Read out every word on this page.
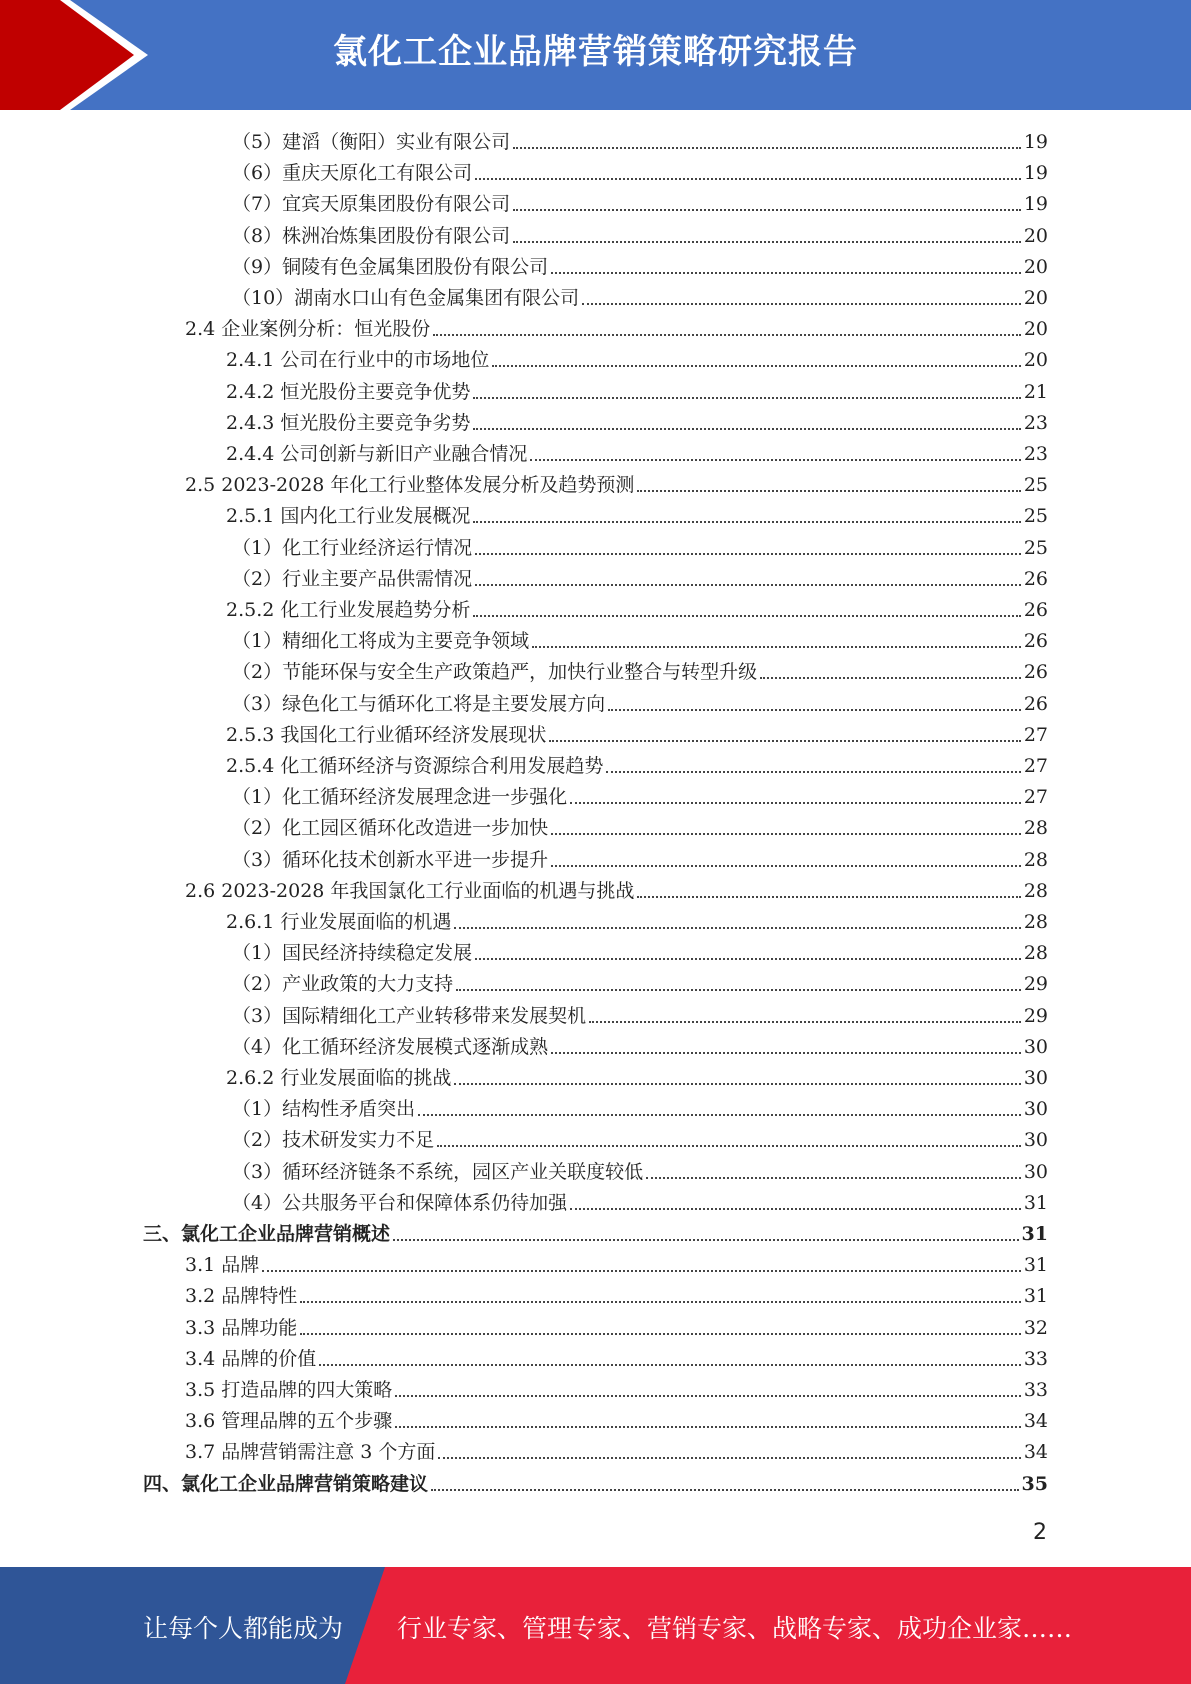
氯化工企业品牌营销策略研究报告
（5）建滔（衡阳）实业有限公司	19
（6）重庆天原化工有限公司	19
（7）宜宾天原集团股份有限公司	19
（8）株洲冶炼集团股份有限公司	20
（9）铜陵有色金属集团股份有限公司	20
（10）湖南水口山有色金属集团有限公司	20
2.4 企业案例分析：恒光股份	20
2.4.1 公司在行业中的市场地位	20
2.4.2 恒光股份主要竞争优势	21
2.4.3 恒光股份主要竞争劣势	23
2.4.4 公司创新与新旧产业融合情况	23
2.5 2023-2028 年化工行业整体发展分析及趋势预测	25
2.5.1 国内化工行业发展概况	25
（1）化工行业经济运行情况	25
（2）行业主要产品供需情况	26
2.5.2 化工行业发展趋势分析	26
（1）精细化工将成为主要竞争领域	26
（2）节能环保与安全生产政策趋严，加快行业整合与转型升级	26
（3）绿色化工与循环化工将是主要发展方向	26
2.5.3 我国化工行业循环经济发展现状	27
2.5.4 化工循环经济与资源综合利用发展趋势	27
（1）化工循环经济发展理念进一步强化	27
（2）化工园区循环化改造进一步加快	28
（3）循环化技术创新水平进一步提升	28
2.6 2023-2028 年我国氯化工行业面临的机遇与挑战	28
2.6.1 行业发展面临的机遇	28
（1）国民经济持续稳定发展	28
（2）产业政策的大力支持	29
（3）国际精细化工产业转移带来发展契机	29
（4）化工循环经济发展模式逐渐成熟	30
2.6.2 行业发展面临的挑战	30
（1）结构性矛盾突出	30
（2）技术研发实力不足	30
（3）循环经济链条不系统，园区产业关联度较低	30
（4）公共服务平台和保障体系仍待加强	31
三、氯化工企业品牌营销概述	31
3.1 品牌	31
3.2 品牌特性	31
3.3 品牌功能	32
3.4 品牌的价值	33
3.5 打造品牌的四大策略	33
3.6 管理品牌的五个步骤	34
3.7 品牌营销需注意 3 个方面	34
四、氯化工企业品牌营销策略建议	35
2
让每个人都能成为 行业专家、管理专家、营销专家、战略专家、成功企业家……
